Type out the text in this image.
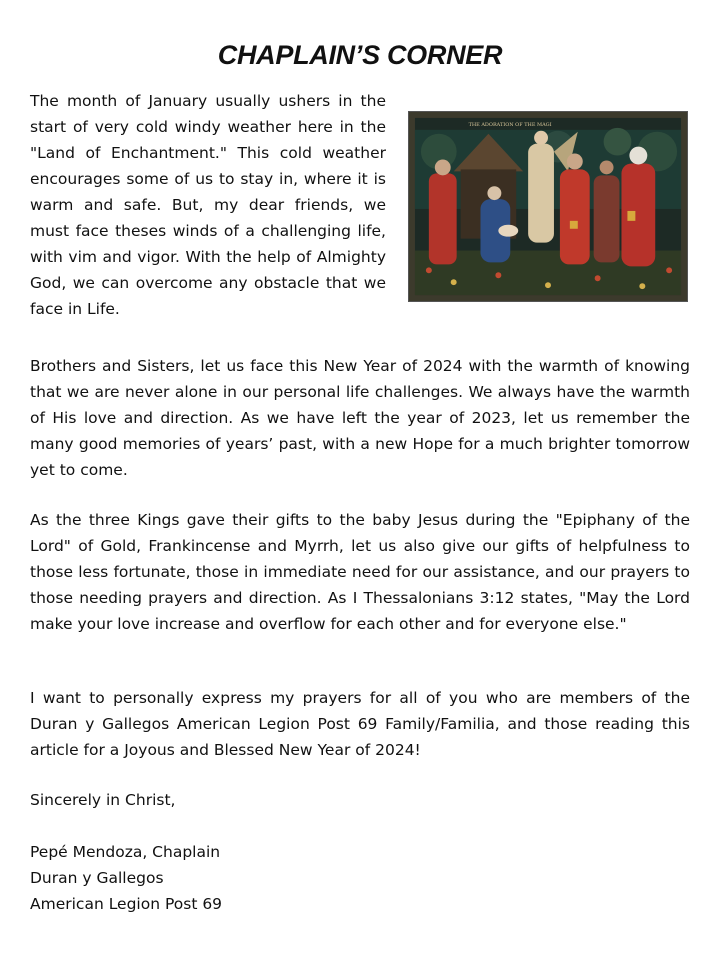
CHAPLAIN’S CORNER

The month of January usually ushers in the start of very cold windy weather here in the "Land of Enchantment." This cold weather encourages some of us to stay in, where it is warm and safe. But, my dear friends, we must face theses winds of a challenging life, with vim and vigor. With the help of Almighty God, we can overcome any obstacle that we face in Life.

THE ADORATION OF THE MAGI

Brothers and Sisters, let us face this New Year of 2024 with the warmth of knowing that we are never alone in our personal life challenges. We always have the warmth of His love and direction. As we have left the year of 2023, let us remember the many good memories of years’ past, with a new Hope for a much brighter tomorrow yet to come.

As the three Kings gave their gifts to the baby Jesus during the "Epiphany of the Lord" of Gold, Frankincense and Myrrh, let us also give our gifts of helpfulness to those less fortunate, those in immediate need for our assistance, and our prayers to those needing prayers and direction. As I Thessalonians 3:12 states, "May the Lord make your love increase and overflow for each other and for everyone else."

I want to personally express my prayers for all of you who are members of the Duran y Gallegos American Legion Post 69 Family/Familia, and those reading this article for a Joyous and Blessed New Year of 2024!

Sincerely in Christ,

Pepé Mendoza, Chaplain
Duran y Gallegos
American Legion Post 69
